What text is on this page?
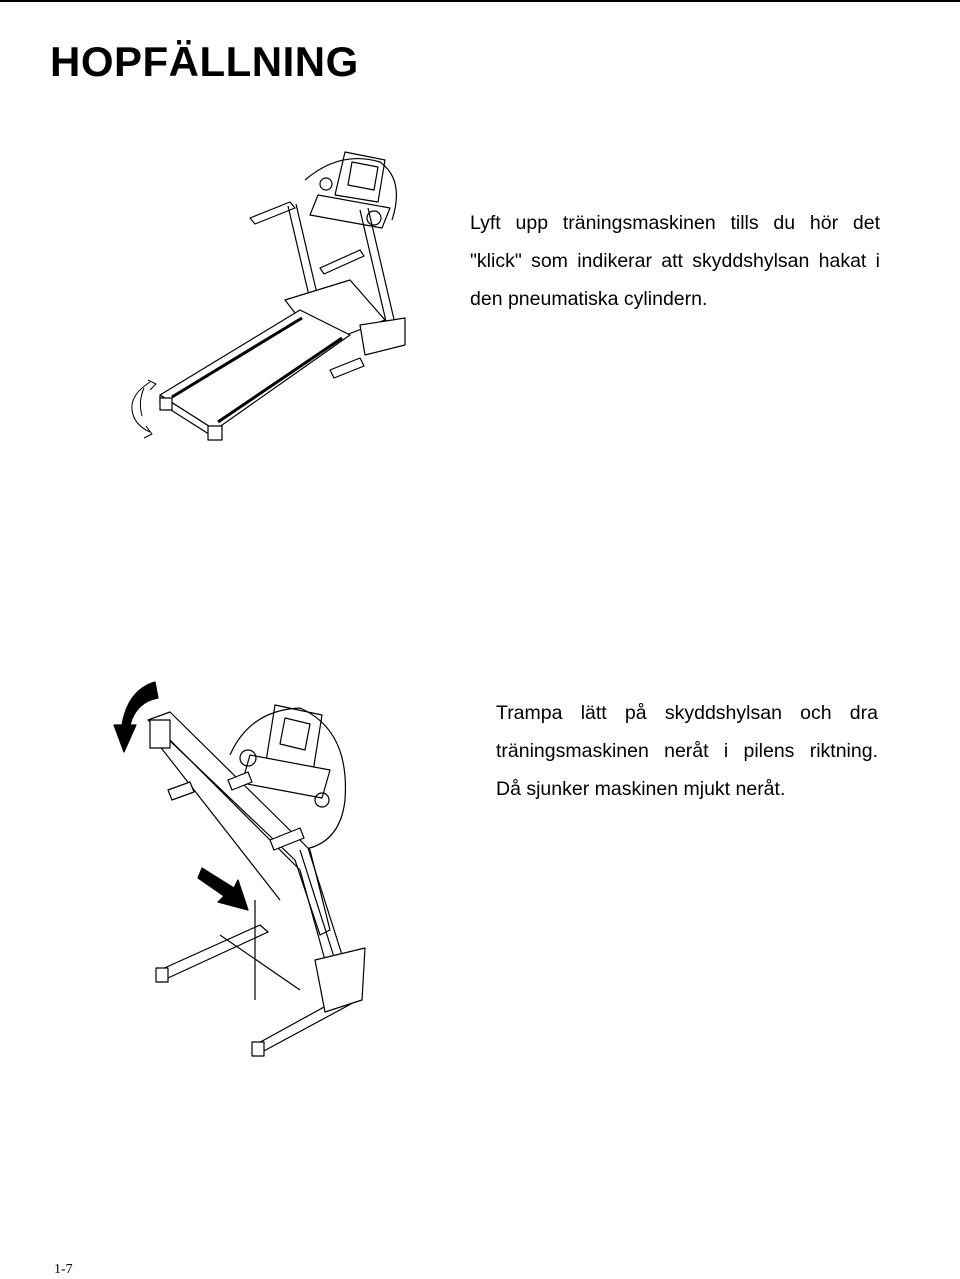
HOPFÄLLNING

Lyft upp träningsmaskinen tills du hör det

"klick" som indikerar att skyddshylsan hakat i

den pneumatiska cylindern.

Trampa lätt på skyddshylsan och dra

träningsmaskinen neråt i pilens riktning.

Då sjunker maskinen mjukt neråt.

1-7
